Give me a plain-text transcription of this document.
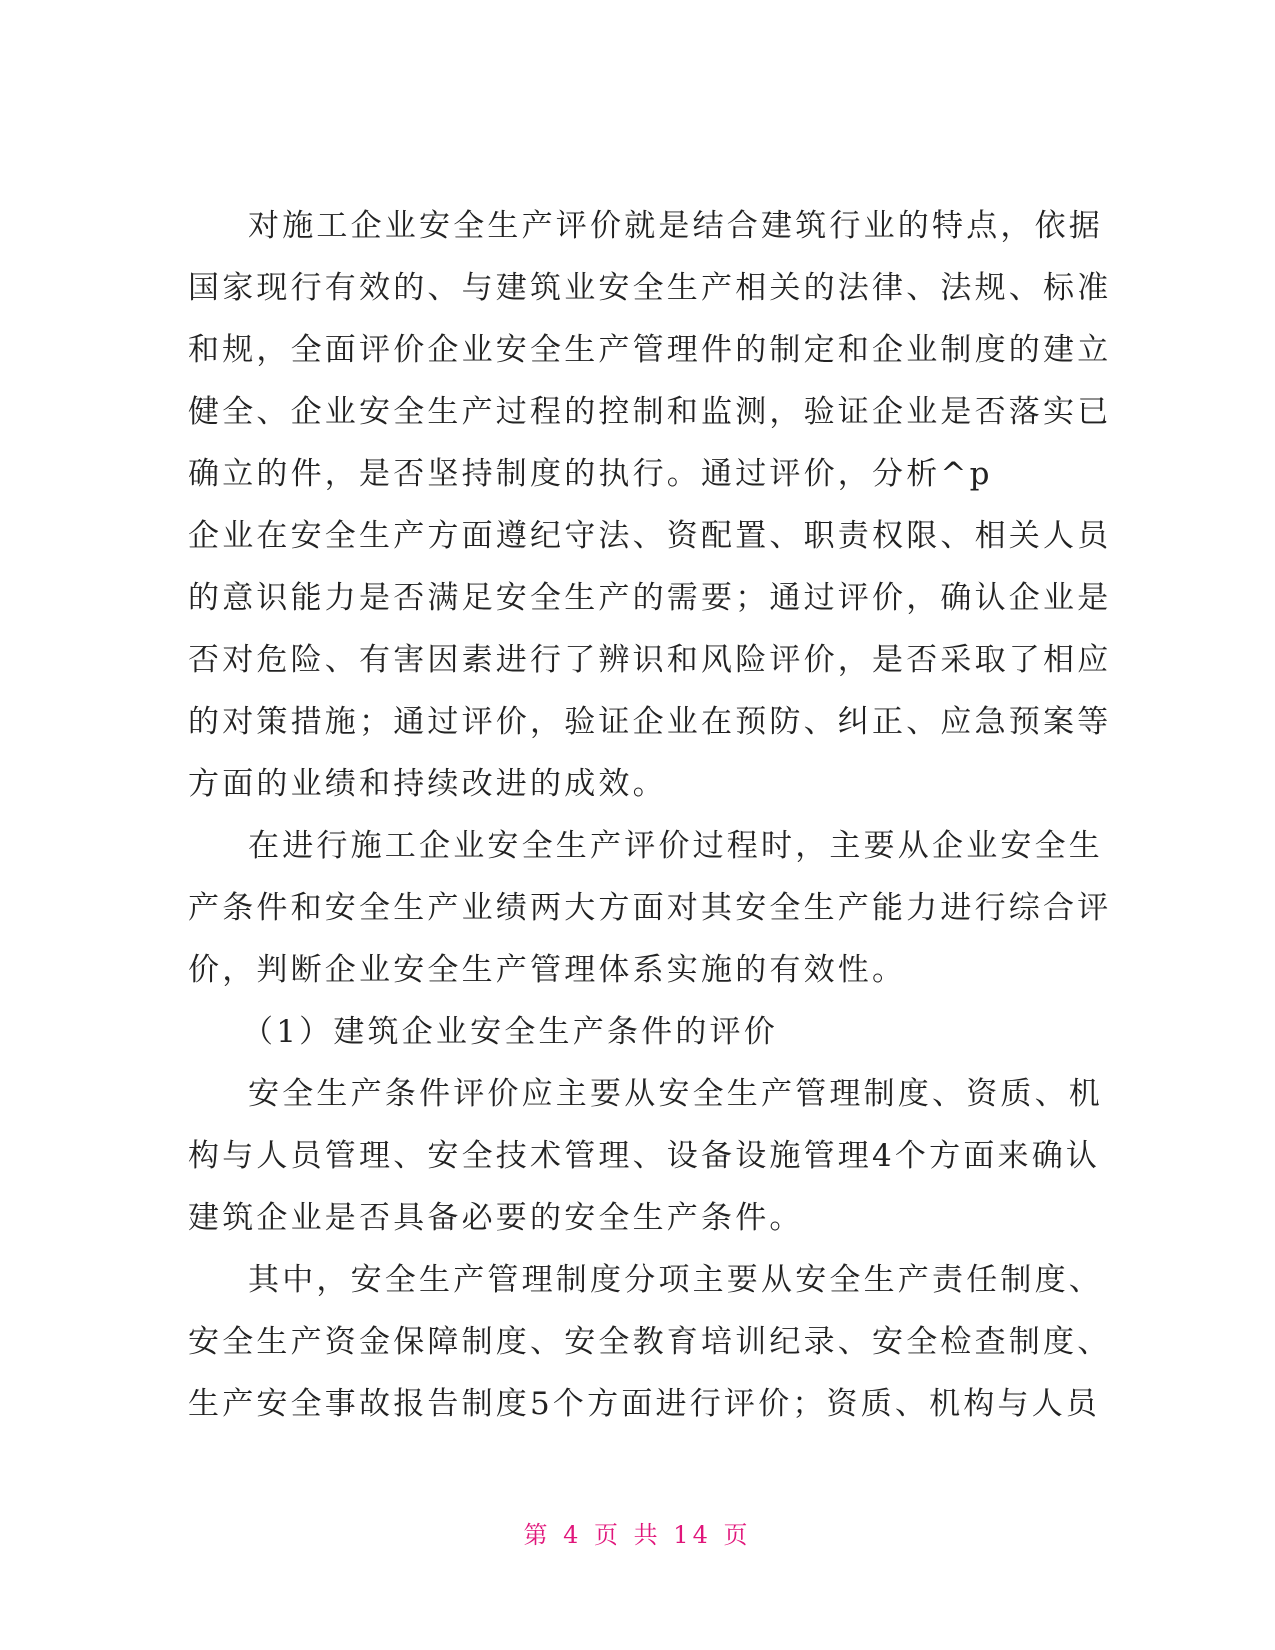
对施工企业安全生产评价就是结合建筑行业的特点，依据
国家现行有效的、与建筑业安全生产相关的法律、法规、标准
和规，全面评价企业安全生产管理件的制定和企业制度的建立
健全、企业安全生产过程的控制和监测，验证企业是否落实已
确立的件，是否坚持制度的执行。通过评价，分析^p
企业在安全生产方面遵纪守法、资配置、职责权限、相关人员
的意识能力是否满足安全生产的需要；通过评价，确认企业是
否对危险、有害因素进行了辨识和风险评价，是否采取了相应
的对策措施；通过评价，验证企业在预防、纠正、应急预案等
方面的业绩和持续改进的成效。
在进行施工企业安全生产评价过程时，主要从企业安全生
产条件和安全生产业绩两大方面对其安全生产能力进行综合评
价，判断企业安全生产管理体系实施的有效性。
（1）建筑企业安全生产条件的评价
安全生产条件评价应主要从安全生产管理制度、资质、机
构与人员管理、安全技术管理、设备设施管理4个方面来确认
建筑企业是否具备必要的安全生产条件。
其中，安全生产管理制度分项主要从安全生产责任制度、
安全生产资金保障制度、安全教育培训纪录、安全检查制度、
生产安全事故报告制度5个方面进行评价；资质、机构与人员
第 4 页 共 14 页
